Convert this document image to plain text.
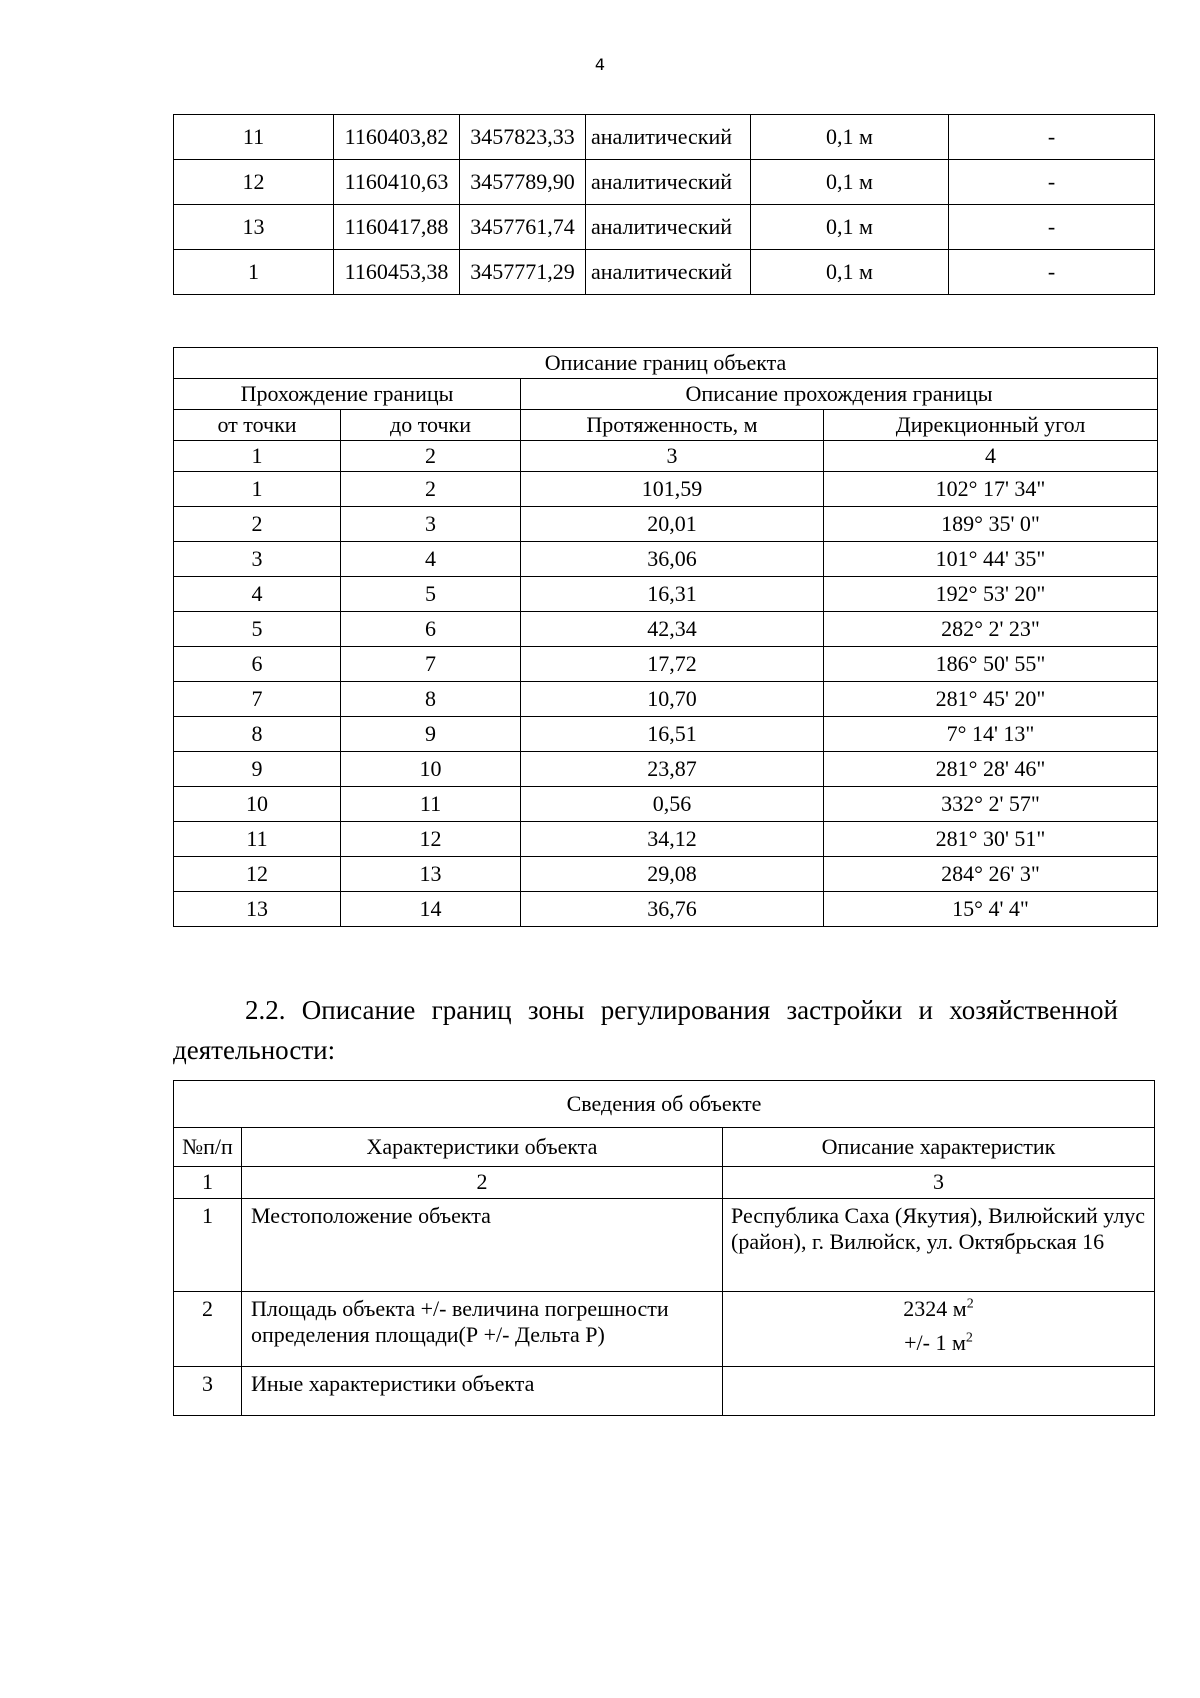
4
11	1160403,82	3457823,33	аналитический	0,1 м	-
12	1160410,63	3457789,90	аналитический	0,1 м	-
13	1160417,88	3457761,74	аналитический	0,1 м	-
1	1160453,38	3457771,29	аналитический	0,1 м	-
Описание границ объекта			
Прохождение границы		Описание прохождения границы	
от точки	до точки	Протяженность, м	Дирекционный угол
1	2	3	4
1	2	101,59	102° 17' 34"
2	3	20,01	189° 35' 0"
3	4	36,06	101° 44' 35"
4	5	16,31	192° 53' 20"
5	6	42,34	282° 2' 23"
6	7	17,72	186° 50' 55"
7	8	10,70	281° 45' 20"
8	9	16,51	7° 14' 13"
9	10	23,87	281° 28' 46"
10	11	0,56	332° 2' 57"
11	12	34,12	281° 30' 51"
12	13	29,08	284° 26' 3"
13	14	36,76	15° 4' 4"

2.2. Описание границ зоны регулирования застройки и хозяйственной деятельности:

Сведения об объекте		
№п/п	Характеристики объекта	Описание характеристик
1	2	3
1	Местоположение объекта	Республика Саха (Якутия), Вилюйский улус (район), г. Вилюйск, ул. Октябрьская 16
2	Площадь объекта +/- величина погрешности определения площади(Р +/- Дельта Р)	2324 $м^2$
+/- 1 $м^2$

3	Иные характеристики объекта	
